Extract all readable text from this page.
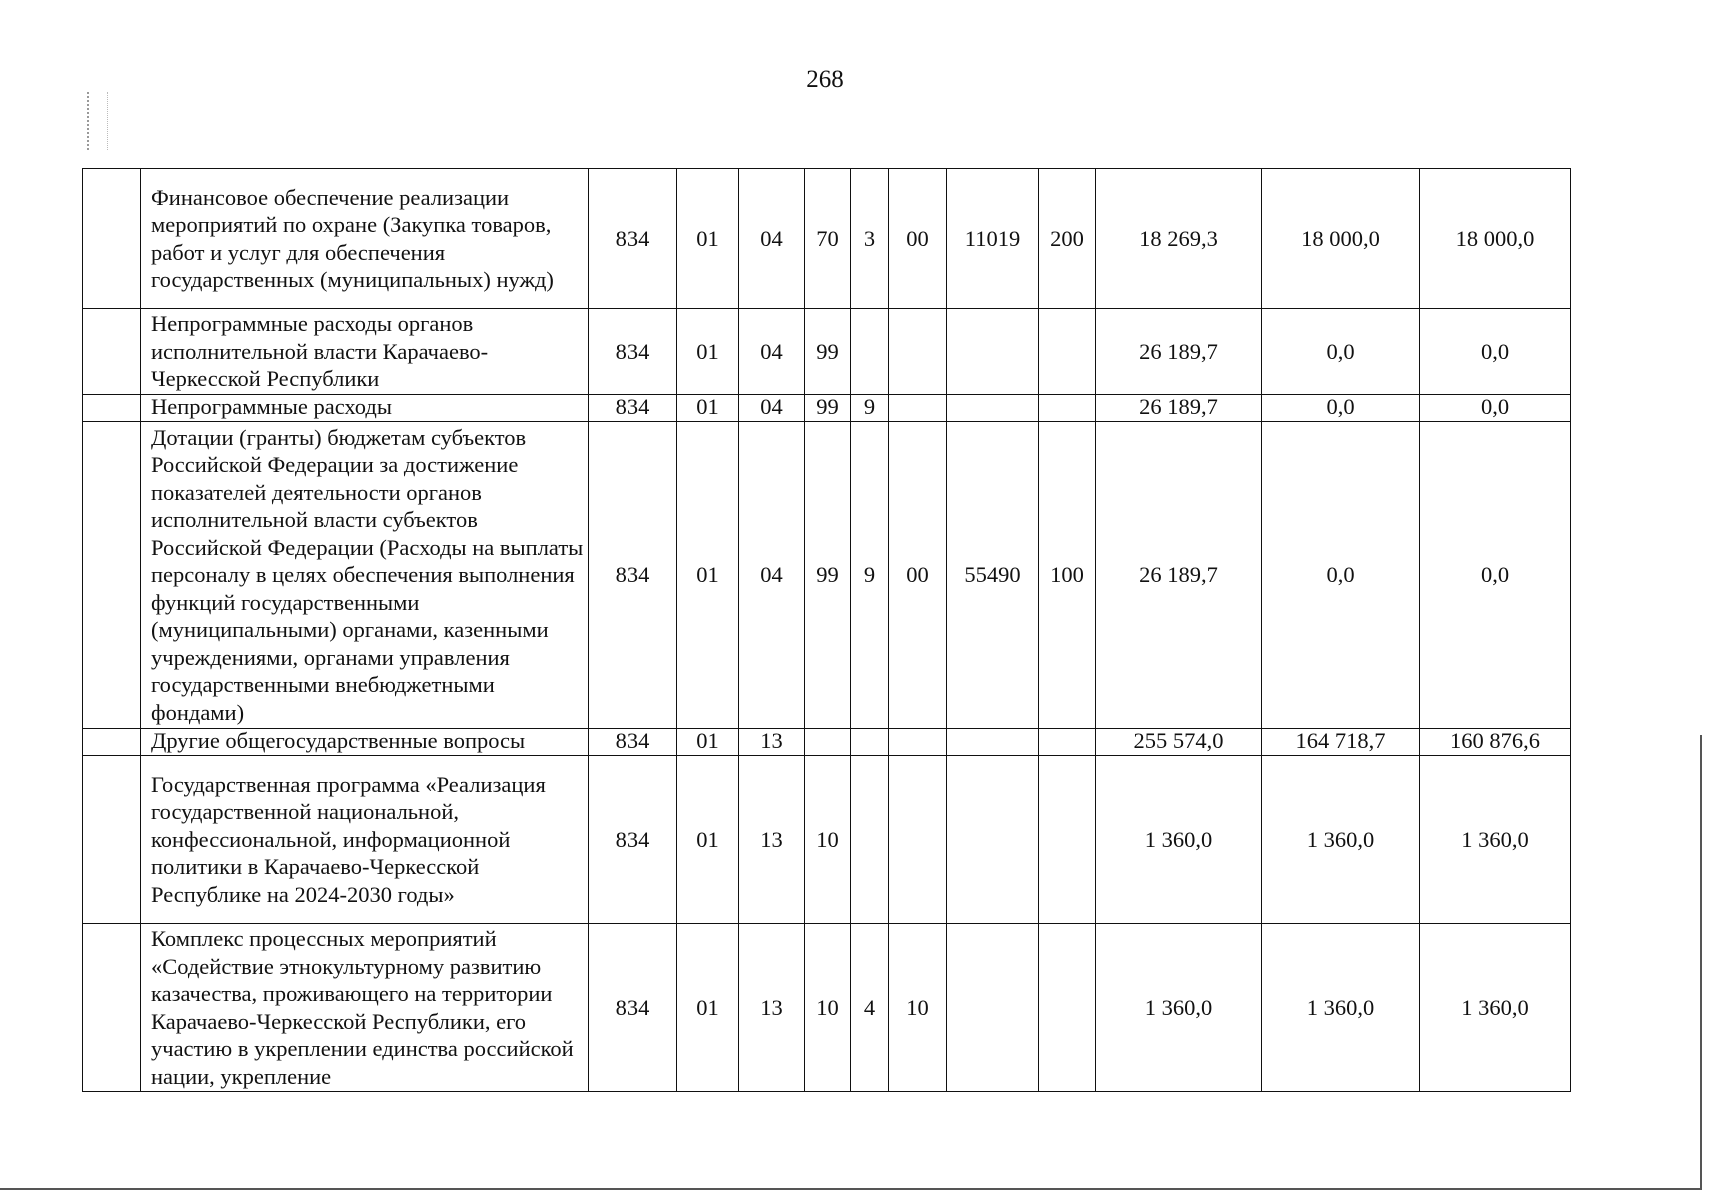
268
	Финансовое обеспечение реализации мероприятий по охране (Закупка товаров, работ и услуг для обеспечения государственных (муниципальных) нужд)	834	01	04	70	3	00	11019	200	18 269,3	18 000,0	18 000,0
	Непрограммные расходы органов исполнительной власти Карачаево-Черкесской Республики	834	01	04	99					26 189,7	0,0	0,0
	Непрограммные расходы	834	01	04	99	9				26 189,7	0,0	0,0
	Дотации (гранты) бюджетам субъектов Российской Федерации за достижение показателей деятельности органов исполнительной власти субъектов Российской Федерации (Расходы на выплаты персоналу в целях обеспечения выполнения функций государственными (муниципальными) органами, казенными учреждениями, органами управления государственными внебюджетными фондами)	834	01	04	99	9	00	55490	100	26 189,7	0,0	0,0
	Другие общегосударственные вопросы	834	01	13						255 574,0	164 718,7	160 876,6
	Государственная программа «Реализация государственной национальной, конфессиональной, информационной политики в Карачаево-Черкесской Республике на 2024-2030 годы»	834	01	13	10					1 360,0	1 360,0	1 360,0
	Комплекс процессных мероприятий «Содействие этнокультурному развитию казачества, проживающего на территории Карачаево-Черкесской Республики, его участию в укреплении единства российской нации, укрепление	834	01	13	10	4	10			1 360,0	1 360,0	1 360,0
